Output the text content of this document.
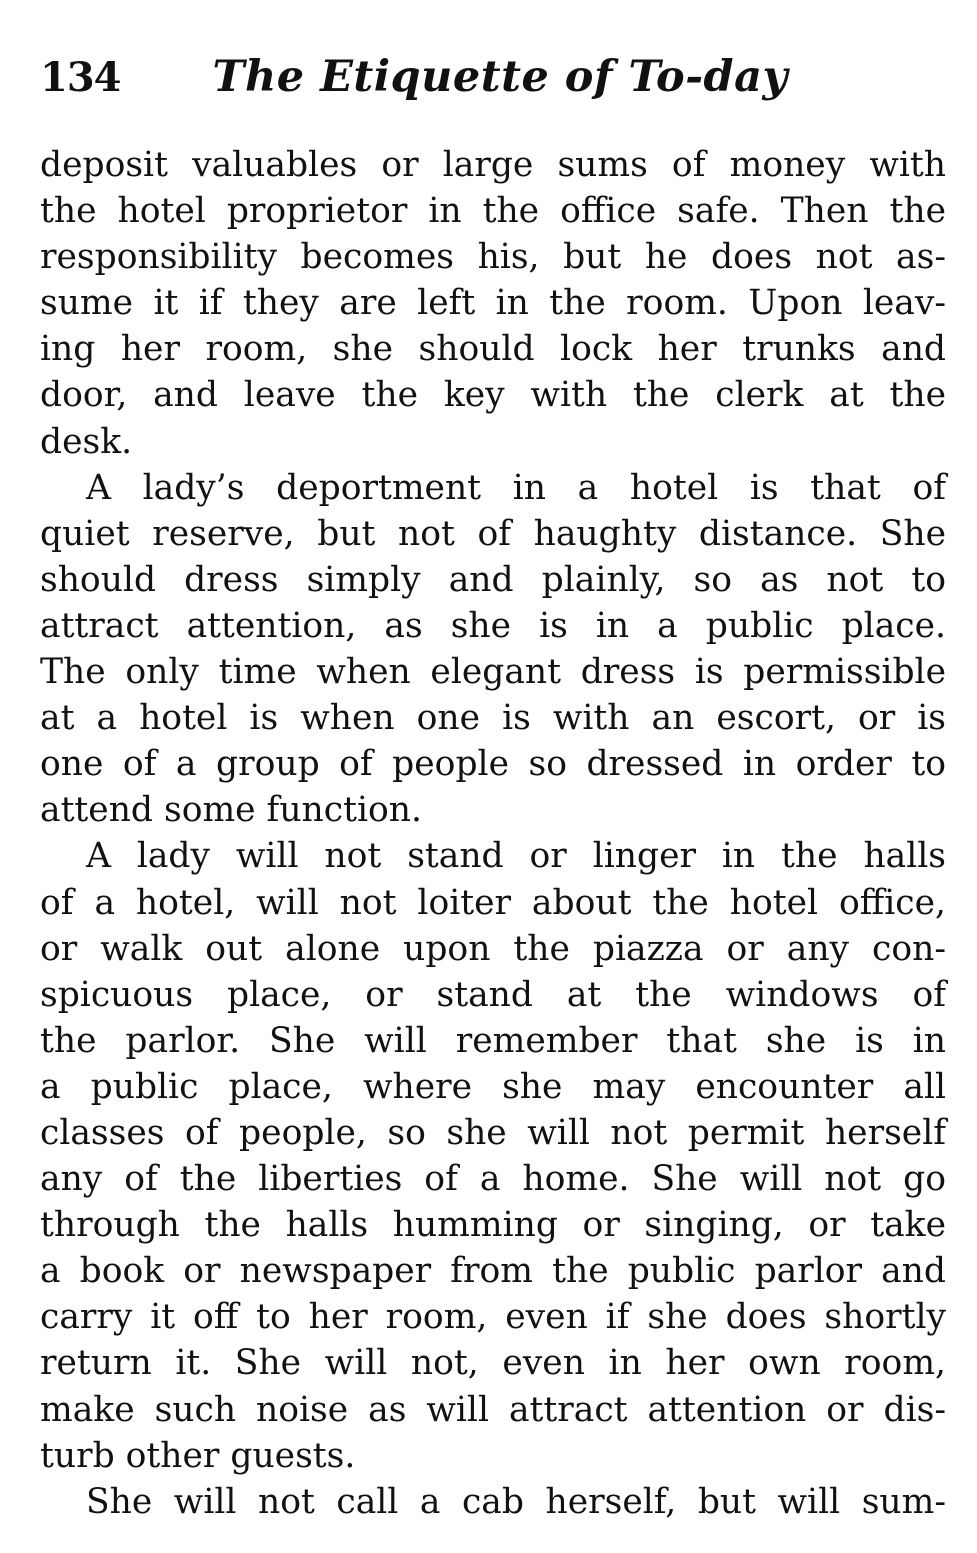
134 The Etiquette of To-day
deposit valuables or large sums of money with
the hotel proprietor in the office safe. Then the
responsibility becomes his, but he does not as-
sume it if they are left in the room. Upon leav-
ing her room, she should lock her trunks and
door, and leave the key with the clerk at the
desk.
A lady’s deportment in a hotel is that of
quiet reserve, but not of haughty distance. She
should dress simply and plainly, so as not to
attract attention, as she is in a public place.
The only time when elegant dress is permissible
at a hotel is when one is with an escort, or is
one of a group of people so dressed in order to
attend some function.
A lady will not stand or linger in the halls
of a hotel, will not loiter about the hotel office,
or walk out alone upon the piazza or any con-
spicuous place, or stand at the windows of
the parlor. She will remember that she is in
a public place, where she may encounter all
classes of people, so she will not permit herself
any of the liberties of a home. She will not go
through the halls humming or singing, or take
a book or newspaper from the public parlor and
carry it off to her room, even if she does shortly
return it. She will not, even in her own room,
make such noise as will attract attention or dis-
turb other guests.
She will not call a cab herself, but will sum-
